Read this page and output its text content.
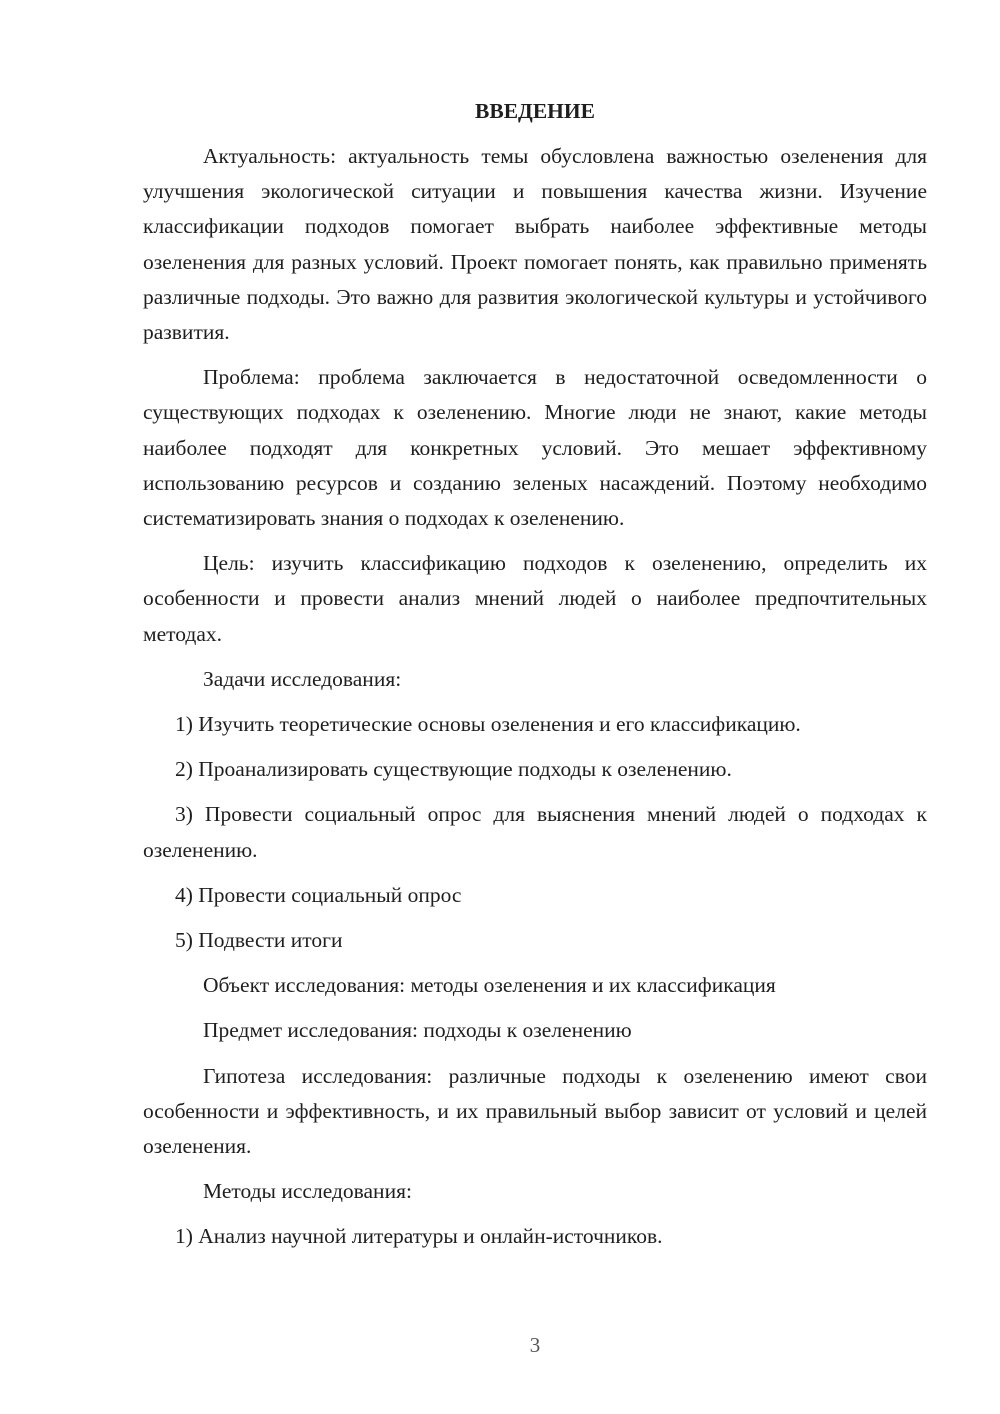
ВВЕДЕНИЕ

Актуальность: актуальность темы обусловлена важностью озеленения для улучшения экологической ситуации и повышения качества жизни. Изучение классификации подходов помогает выбрать наиболее эффективные методы озеленения для разных условий. Проект помогает понять, как правильно применять различные подходы. Это важно для развития экологической культуры и устойчивого развития.

Проблема: проблема заключается в недостаточной осведомленности о существующих подходах к озеленению. Многие люди не знают, какие методы наиболее подходят для конкретных условий. Это мешает эффективному использованию ресурсов и созданию зеленых насаждений. Поэтому необходимо систематизировать знания о подходах к озеленению.

Цель: изучить классификацию подходов к озеленению, определить их особенности и провести анализ мнений людей о наиболее предпочтительных методах.

Задачи исследования:

1) Изучить теоретические основы озеленения и его классификацию.

2) Проанализировать существующие подходы к озеленению.

3) Провести социальный опрос для выяснения мнений людей о подходах к озеленению.

4) Провести социальный опрос

5) Подвести итоги

Объект исследования: методы озеленения и их классификация

Предмет исследования: подходы к озеленению

Гипотеза исследования: различные подходы к озеленению имеют свои особенности и эффективность, и их правильный выбор зависит от условий и целей озеленения.

Методы исследования:

1) Анализ научной литературы и онлайн-источников.

3
